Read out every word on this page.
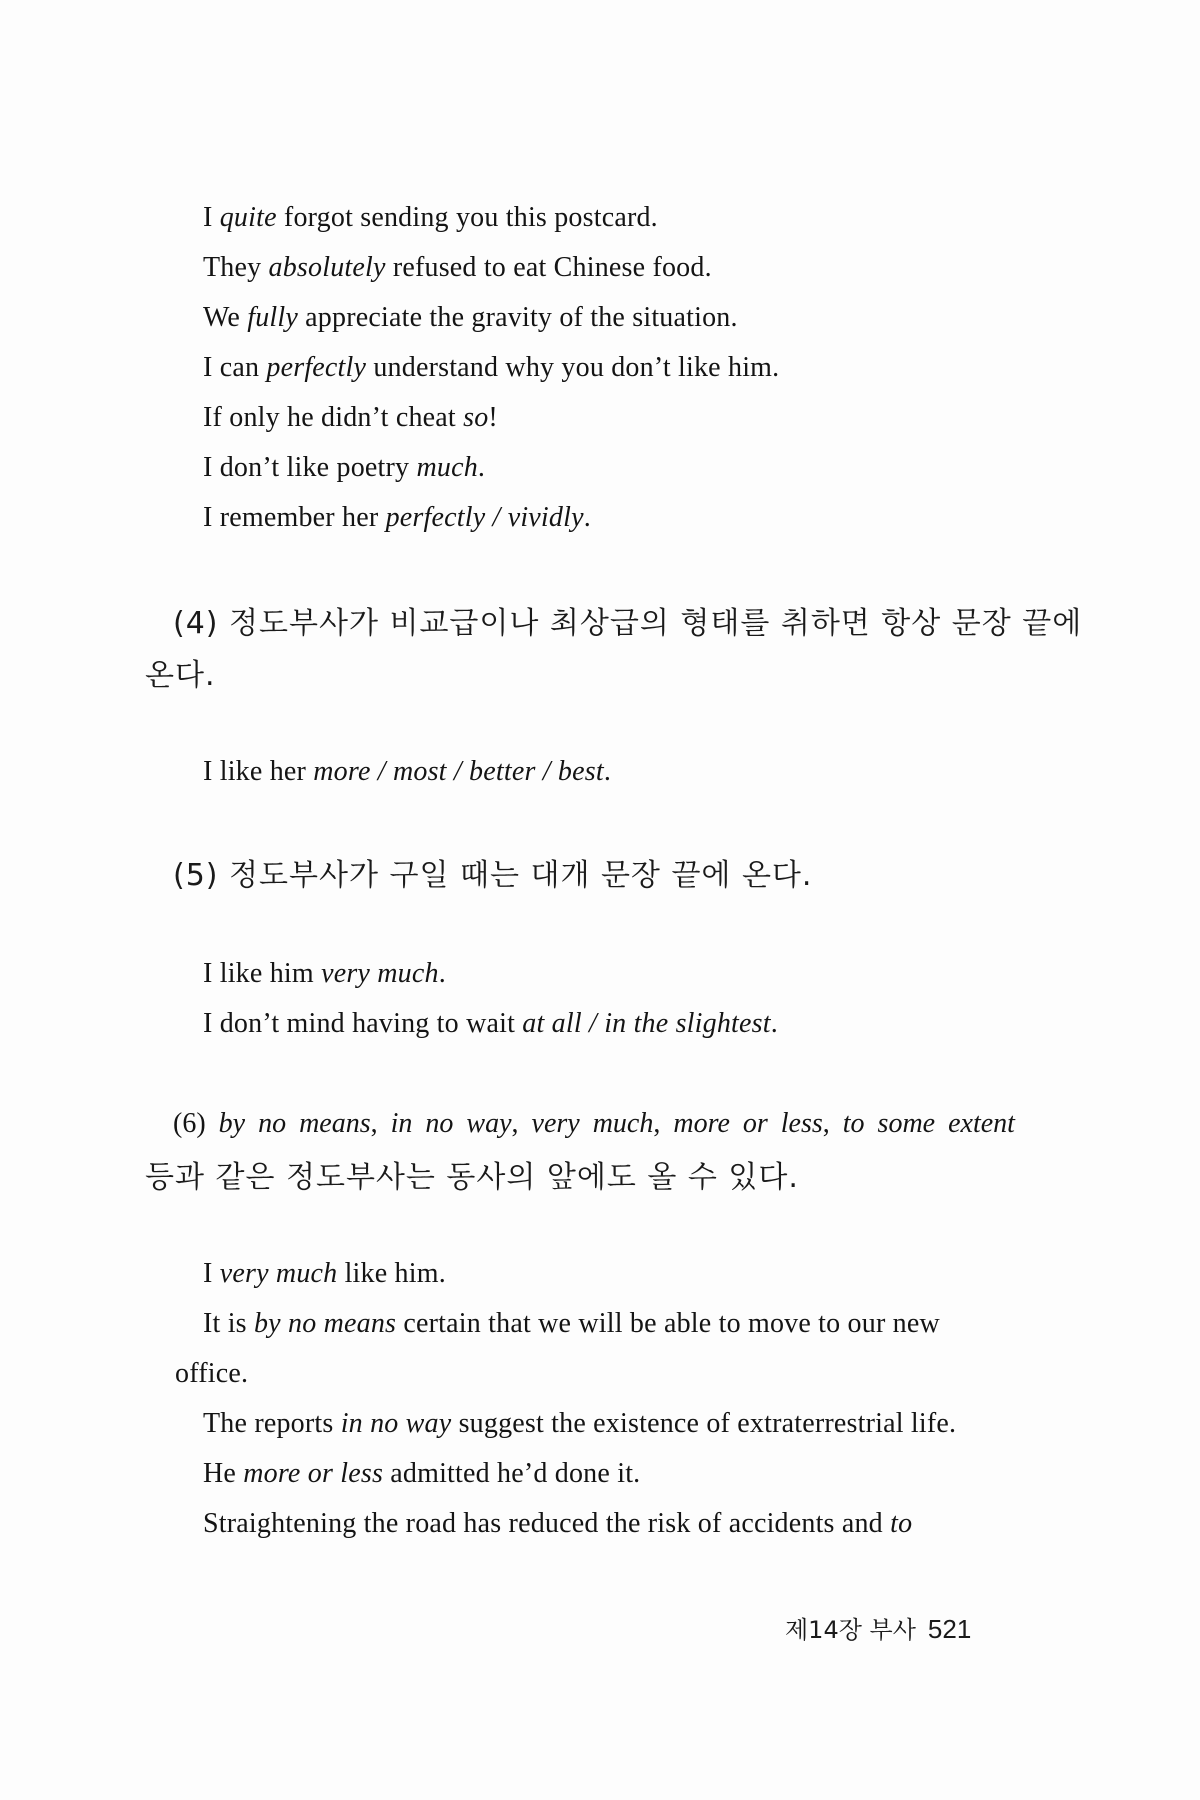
I quite forgot sending you this postcard.
They absolutely refused to eat Chinese food.
We fully appreciate the gravity of the situation.
I can perfectly understand why you don’t like him.
If only he didn’t cheat so!
I don’t like poetry much.
I remember her perfectly / vividly.
(4) 정도부사가 비교급이나 최상급의 형태를 취하면 항상 문장 끝에
온다.
I like her more / most / better / best.
(5) 정도부사가 구일 때는 대개 문장 끝에 온다.
I like him very much.
I don’t mind having to wait at all / in the slightest.
(6) by no means, in no way, very much, more or less, to some extent
등과 같은 정도부사는 동사의 앞에도 올 수 있다.
I very much like him.
It is by no means certain that we will be able to move to our new
office.
The reports in no way suggest the existence of extraterrestrial life.
He more or less admitted he’d done it.
Straightening the road has reduced the risk of accidents and to
제14장 부사 521
